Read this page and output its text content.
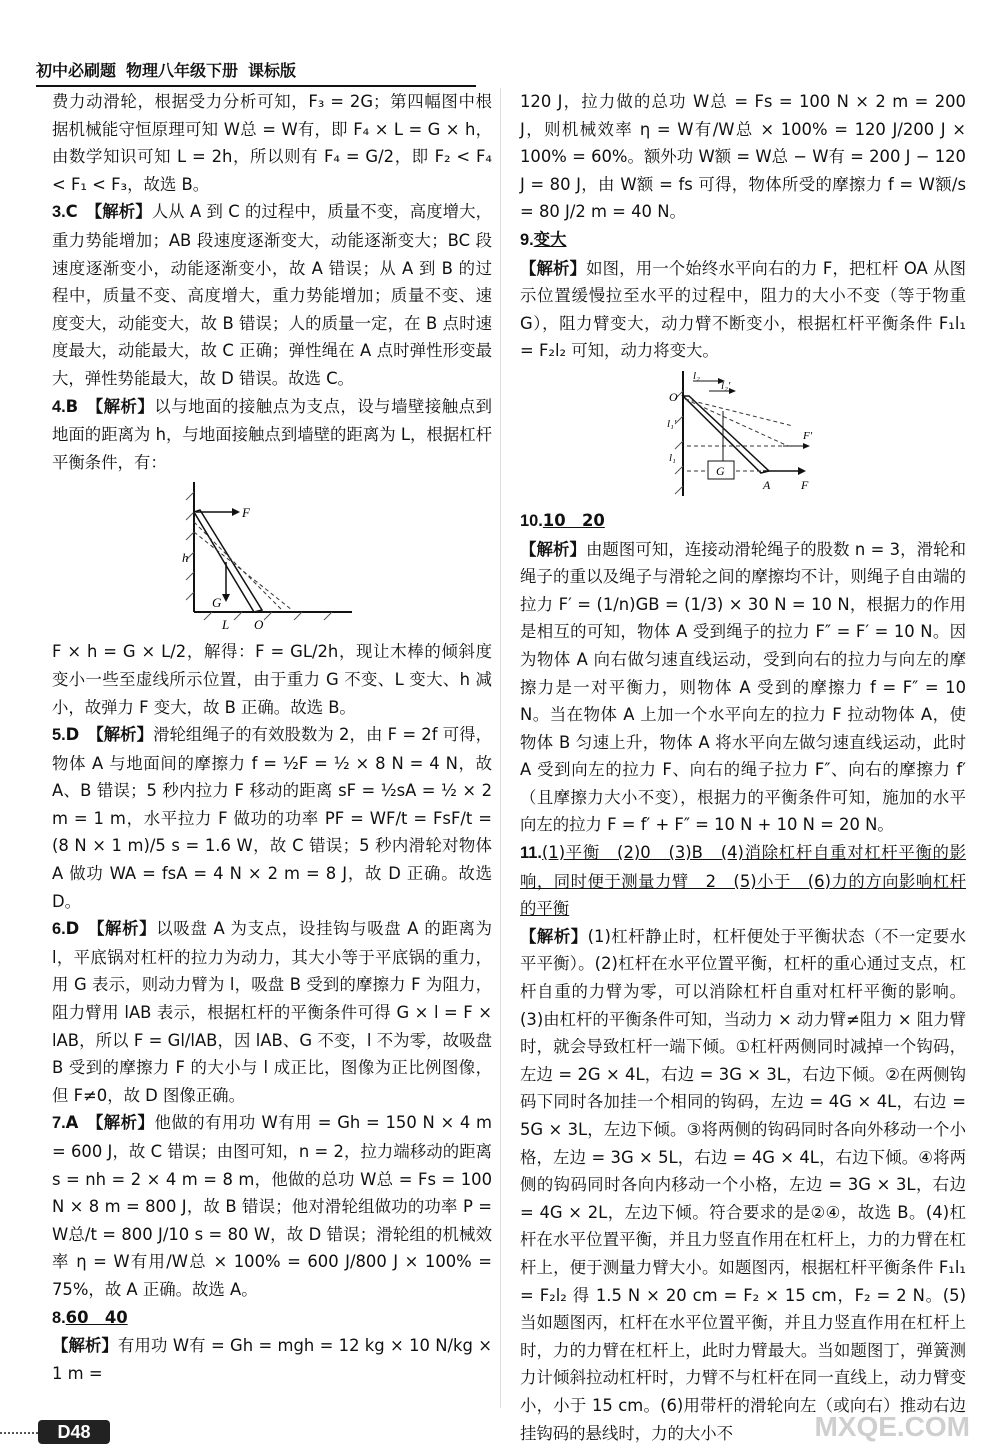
初中必刷题 物理八年级下册 课标版

费力动滑轮，根据受力分析可知，F₃ = 2G；第四幅图中根据机械能守恒原理可知 W总 = W有，即 F₄ × L = G × h，由数学知识可知 L = 2h，所以则有 F₄ = G/2，即 F₂ < F₄ < F₁ < F₃，故选 B。

3.C 【解析】人从 A 到 C 的过程中，质量不变，高度增大，重力势能增加；AB 段速度逐渐变大，动能逐渐变大；BC 段速度逐渐变小，动能逐渐变小，故 A 错误；从 A 到 B 的过程中，质量不变、高度增大，重力势能增加；质量不变、速度变大，动能变大，故 B 错误；人的质量一定，在 B 点时速度最大，动能最大，故 C 正确；弹性绳在 A 点时弹性形变最大，弹性势能最大，故 D 错误。故选 C。

4.B 【解析】以与地面的接触点为支点，设与墙壁接触点到地面的距离为 h，与地面接触点到墙壁的距离为 L，根据杠杆平衡条件，有：

F
h
G
L O

F × h = G × L/2，解得：F = GL/2h，现让木棒的倾斜度变小一些至虚线所示位置，由于重力 G 不变、L 变大、h 减小，故弹力 F 变大，故 B 正确。故选 B。

5.D 【解析】滑轮组绳子的有效股数为 2，由 F = 2f 可得，物体 A 与地面间的摩擦力 f = ½F = ½ × 8 N = 4 N，故 A、B 错误；5 秒内拉力 F 移动的距离 sF = ½sA = ½ × 2 m = 1 m，水平拉力 F 做功的功率 PF = WF/t = FsF/t = (8 N × 1 m)/5 s = 1.6 W，故 C 错误；5 秒内滑轮对物体 A 做功 WA = fsA = 4 N × 2 m = 8 J，故 D 正确。故选 D。

6.D 【解析】以吸盘 A 为支点，设挂钩与吸盘 A 的距离为 l，平底锅对杠杆的拉力为动力，其大小等于平底锅的重力，用 G 表示，则动力臂为 l，吸盘 B 受到的摩擦力 F 为阻力，阻力臂用 lAB 表示，根据杠杆的平衡条件可得 G × l = F × lAB，所以 F = Gl/lAB，因 lAB、G 不变，l 不为零，故吸盘 B 受到的摩擦力 F 的大小与 l 成正比，图像为正比例图像，但 F≠0，故 D 图像正确。

7.A 【解析】他做的有用功 W有用 = Gh = 150 N × 4 m = 600 J，故 C 错误；由图可知，n = 2，拉力端移动的距离 s = nh = 2 × 4 m = 8 m，他做的总功 W总 = Fs = 100 N × 8 m = 800 J，故 B 错误；他对滑轮组做功的功率 P = W总/t = 800 J/10 s = 80 W，故 D 错误；滑轮组的机械效率 η = W有用/W总 × 100% = 600 J/800 J × 100% = 75%，故 A 正确。故选 A。

8.60　40
【解析】有用功 W有 = Gh = mgh = 12 kg × 10 N/kg × 1 m =

120 J，拉力做的总功 W总 = Fs = 100 N × 2 m = 200 J，则机械效率 η = W有/W总 × 100% = 120 J/200 J × 100% = 60%。额外功 W额 = W总 − W有 = 200 J − 120 J = 80 J，由 W额 = fs 可得，物体所受的摩擦力 f = W额/s = 80 J/2 m = 40 N。

9.变大
【解析】如图，用一个始终水平向右的力 F，把杠杆 OA 从图示位置缓慢拉至水平的过程中，阻力的大小不变（等于物重 G），阻力臂变大，动力臂不断变小，根据杠杆平衡条件 F₁l₁ = F₂l₂ 可知，动力将变大。

O
l₂
l₂′
l₁′
l₁
G
A	F
F′

10.10　20
【解析】由题图可知，连接动滑轮绳子的股数 n = 3，滑轮和绳子的重以及绳子与滑轮之间的摩擦均不计，则绳子自由端的拉力 F′ = (1/n)GB = (1/3) × 30 N = 10 N，根据力的作用是相互的可知，物体 A 受到绳子的拉力 F″ = F′ = 10 N。因为物体 A 向右做匀速直线运动，受到向右的拉力与向左的摩擦力是一对平衡力，则物体 A 受到的摩擦力 f = F″ = 10 N。当在物体 A 上加一个水平向左的拉力 F 拉动物体 A，使物体 B 匀速上升，物体 A 将水平向左做匀速直线运动，此时 A 受到向左的拉力 F、向右的绳子拉力 F″、向右的摩擦力 f′（且摩擦力大小不变），根据力的平衡条件可知，施加的水平向左的拉力 F = f′ + F″ = 10 N + 10 N = 20 N。

11.(1)平衡　(2)0　(3)B　(4)消除杠杆自重对杠杆平衡的影响，同时便于测量力臂　2　(5)小于　(6)力的方向影响杠杆的平衡
【解析】(1)杠杆静止时，杠杆便处于平衡状态（不一定要水平平衡）。(2)杠杆在水平位置平衡，杠杆的重心通过支点，杠杆自重的力臂为零，可以消除杠杆自重对杠杆平衡的影响。(3)由杠杆的平衡条件可知，当动力 × 动力臂≠阻力 × 阻力臂时，就会导致杠杆一端下倾。①杠杆两侧同时减掉一个钩码，左边 = 2G × 4L，右边 = 3G × 3L，右边下倾。②在两侧钩码下同时各加挂一个相同的钩码，左边 = 4G × 4L，右边 = 5G × 3L，左边下倾。③将两侧的钩码同时各向外移动一个小格，左边 = 3G × 5L，右边 = 4G × 4L，右边下倾。④将两侧的钩码同时各向内移动一个小格，左边 = 3G × 3L，右边 = 4G × 2L，左边下倾。符合要求的是②④，故选 B。(4)杠杆在水平位置平衡，并且力竖直作用在杠杆上，力的力臂在杠杆上，便于测量力臂大小。如题图丙，根据杠杆平衡条件 F₁l₁ = F₂l₂ 得 1.5 N × 20 cm = F₂ × 15 cm，F₂ = 2 N。(5)当如题图丙，杠杆在水平位置平衡，并且力竖直作用在杠杆上时，力的力臂在杠杆上，此时力臂最大。当如题图丁，弹簧测力计倾斜拉动杠杆时，力臂不与杠杆在同一直线上，动力臂变小，小于 15 cm。(6)用带杆的滑轮向左（或向右）推动右边挂钩码的悬线时，力的大小不

D48	MXQE.COM
